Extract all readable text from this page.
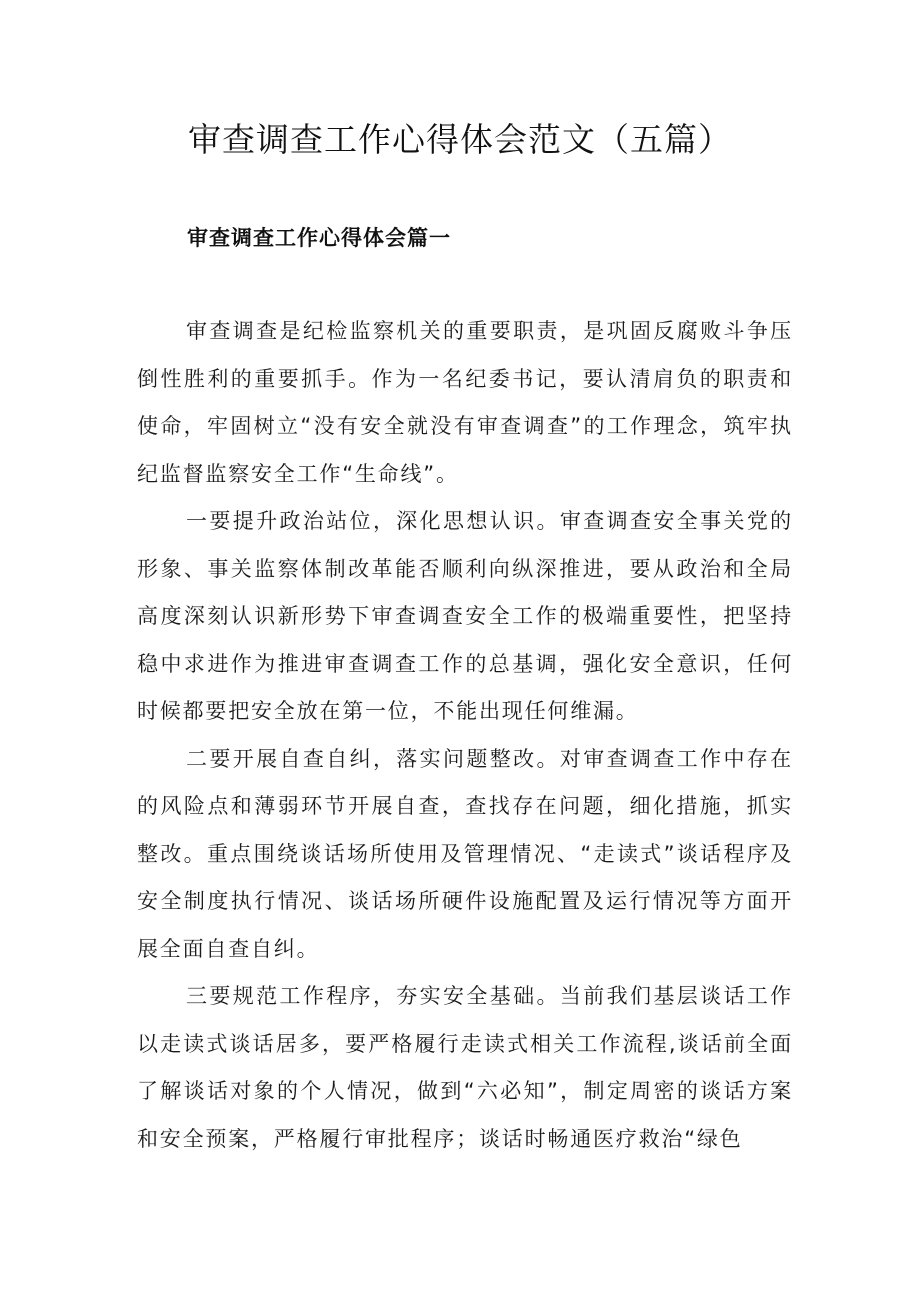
审查调查工作心得体会范文（五篇）
审查调查工作心得体会篇一

审查调查是纪检监察机关的重要职责，是巩固反腐败斗争压倒性胜利的重要抓手。作为一名纪委书记，要认清肩负的职责和使命，牢固树立“没有安全就没有审查调查”的工作理念，筑牢执纪监督监察安全工作“生命线”。

一要提升政治站位，深化思想认识。审查调查安全事关党的形象、事关监察体制改革能否顺利向纵深推进，要从政治和全局高度深刻认识新形势下审查调查安全工作的极端重要性，把坚持稳中求进作为推进审查调查工作的总基调，强化安全意识，任何时候都要把安全放在第一位，不能出现任何维漏。

二要开展自查自纠，落实问题整改。对审查调查工作中存在的风险点和薄弱环节开展自查，查找存在问题，细化措施，抓实整改。重点围绕谈话场所使用及管理情况、“走读式”谈话程序及安全制度执行情况、谈话场所硬件设施配置及运行情况等方面开展全面自查自纠。

三要规范工作程序，夯实安全基础。当前我们基层谈话工作以走读式谈话居多，要严格履行走读式相关工作流程,谈话前全面了解谈话对象的个人情况，做到“六必知”，制定周密的谈话方案和安全预案，严格履行审批程序；谈话时畅通医疗救治“绿色
